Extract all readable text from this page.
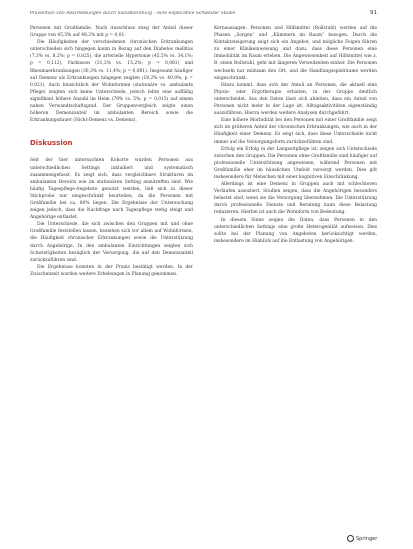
Prävention von Abschiebungen durch Sozialberatung – eine explorative Schweizer Studie	91

Personen mit Großfamilie. Nach Ausschluss stieg der Anteil dieser Gruppe von 45,5% auf 48,2% mit p = 0,01.

Die Häufigkeiten der verschiedenen chronischen Erkrankungen unterschieden sich hingegen kaum in Bezug auf den Diabetes mellitus (7,3% vs. 8,2%; p = 0,825), die arterielle Hypertonie (45,5% vs. 34,1%; p = 0,112), Parkinson (21,2% vs. 15,2%; p = 0,081) und Rheumaerkrankungen (30,3% vs. 11,4%; p = 0,081). Insgesamt häufiger auf Demenz als Erkrankungen hingegen zeigten (18,2% vs. 40,9%; p = 0,021). Auch hinsichtlich der Wohnformen (stationäre vs. ambulante Pflege) zeigten sich keine Unterschiede, jedoch lebte eine auffällig signifikant höhere Anzahl im Heim (79% vs. 5%; p = 0,015) auf einem nahen Verwandtschaftsgrad. Der Gruppenvergleich zeigte einen höheren Demenzanteil im ambulanten Bereich sowie die Erkrankungsdauer (Nicht-Demenz vs. Demenz).

Diskussion

Seit der hier untersuchten Kohorte wurden Personen aus unterschiedlichen Settings inkludiert und systematisch zusammengefasst. Es zeigt sich, dass vergleichbare Strukturen im ambulanten Bereich wie im stationären Setting anzutreffen sind. Wie häufig Tagespflege-Angebote genutzt werden, ließ sich in dieser Stichprobe nur eingeschränkt beurteilen, da die Personen mit Großfamilie bei ca. 80% liegen. Die Ergebnisse der Untersuchung zeigen jedoch, dass die Nachfrage nach Tagespflege stetig steigt und Angehörige entlastet.

Die Unterschiede, die sich zwischen den Gruppen mit und ohne Großfamilie feststellen lassen, beziehen sich vor allem auf Wohnformen, die Häufigkeit chronischer Erkrankungen sowie die Unterstützung durch Angehörige. In den ambulanten Einrichtungen zeigten sich Schwierigkeiten bezüglich der Versorgung, die auf den Demenzanteil zurückzuführen sind.

Die Ergebnisse konnten in der Praxis bestätigt werden. In der Zwischenzeit wurden weitere Erhebungen in Planung genommen.

Kernaussagen: Personen und Hilfsmittel (Rollstuhl) werden auf die Phasen „Sorgen“ und „Kümmern im Raum“ bezogen. Durch die Kontaktsteigerung zeigt sich ein Angebot, und mögliche Folgen führen zu einer Klinikeinweisung und dazu, dass diese Personen eine Immobilität im Raum erleben. Die Angewiesenheit auf Hilfsmittel wie z. B. einen Rollstuhl, geht mit längeren Verweilzeiten einher. Die Personen wechseln nur mühsam den Ort, und die Handlungsspielräume werden eingeschränkt.

Hinzu kommt, dass sich der Anteil an Personen, die aktuell eine Physio- oder Ergotherapie erhalten, in der Gruppe deutlich unterscheidet. Aus den Daten lässt sich ableiten, dass ein Anteil von Personen nicht mehr in der Lage ist, Alltagsaktivitäten eigenständig auszuführen. Hierzu werden weitere Analysen durchgeführt.

Eine höhere Morbidität bei den Personen mit einer Großfamilie zeigt sich im größeren Anteil der chronischen Erkrankungen, wie auch in der Häufigkeit einer Demenz. Es zeigt sich, dass diese Unterschiede nicht immer auf die Versorgungsform zurückzuführen sind.

Erfolg ein Erfolg in der Langzeitpflege ist, zeigen sich Unterschiede zwischen den Gruppen. Die Personen ohne Großfamilie sind häufiger auf professionelle Unterstützung angewiesen, während Personen mit Großfamilie eher im häuslichen Umfeld versorgt werden. Dies gilt insbesondere für Menschen mit einer kognitiven Einschränkung.

Allerdings ist eine Demenz in Gruppen auch mit schlechteren Verläufen assoziiert. Studien zeigen, dass die Angehörigen besonders belastet sind, wenn sie die Versorgung übernehmen. Die Unterstützung durch professionelle Dienste und Beratung kann diese Belastung reduzieren. Hierbei ist auch die Wohnform von Bedeutung.

In diesem Sinne zeigen die Daten, dass Personen in den unterschiedlichen Settings eine große Heterogenität aufweisen. Dies sollte bei der Planung von Angeboten berücksichtigt werden, insbesondere im Hinblick auf die Entlastung von Angehörigen.

Springer
